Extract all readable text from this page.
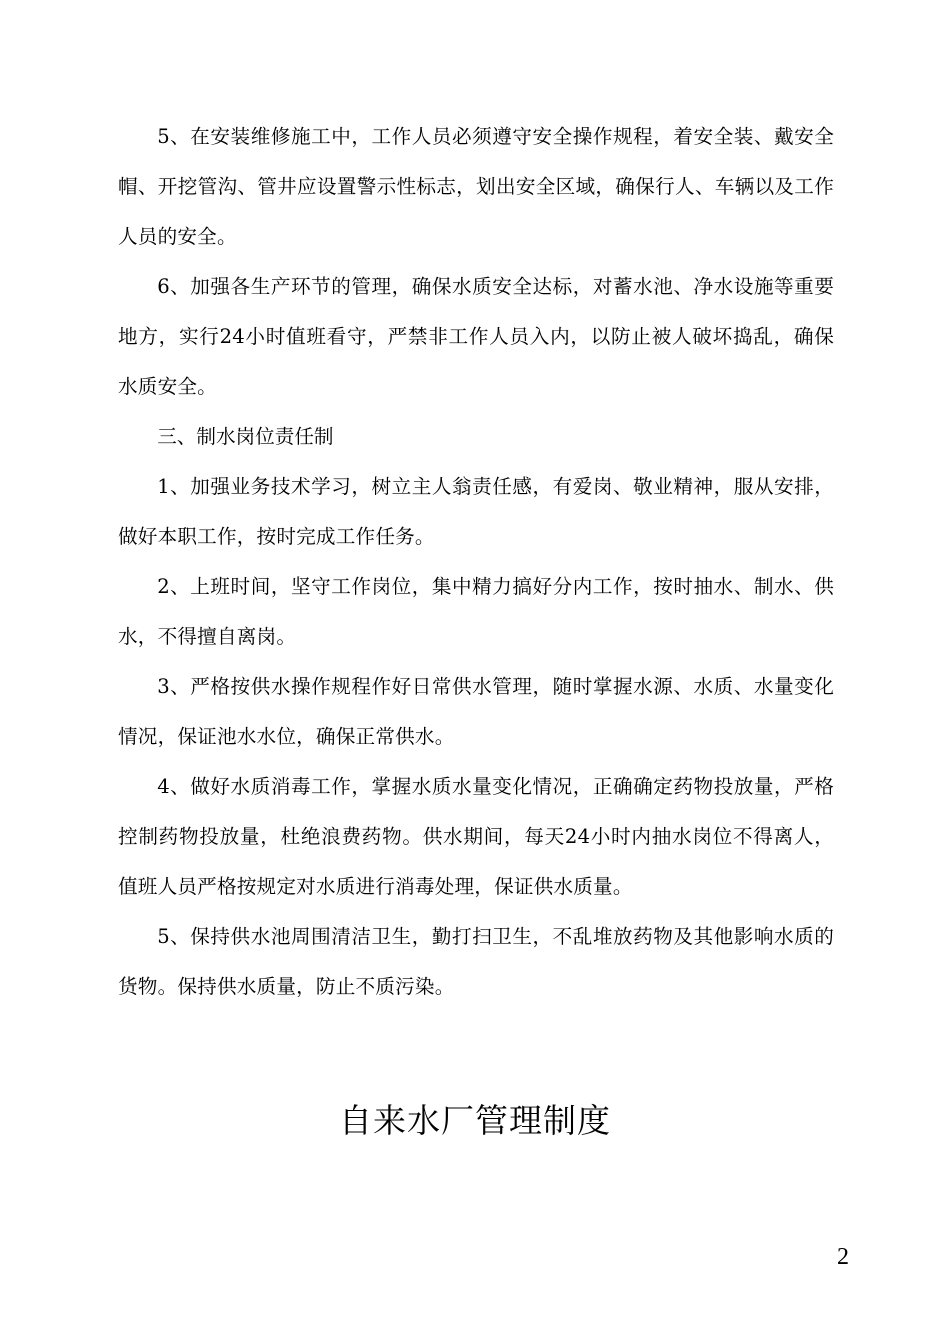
5、在安装维修施工中，工作人员必须遵守安全操作规程，着安全装、戴安全帽、开挖管沟、管井应设置警示性标志，划出安全区域，确保行人、车辆以及工作人员的安全。

6、加强各生产环节的管理，确保水质安全达标，对蓄水池、净水设施等重要地方，实行24小时值班看守，严禁非工作人员入内，以防止被人破坏捣乱，确保水质安全。

三、制水岗位责任制

1、加强业务技术学习，树立主人翁责任感，有爱岗、敬业精神，服从安排，做好本职工作，按时完成工作任务。

2、上班时间，坚守工作岗位，集中精力搞好分内工作，按时抽水、制水、供水，不得擅自离岗。

3、严格按供水操作规程作好日常供水管理，随时掌握水源、水质、水量变化情况，保证池水水位，确保正常供水。

4、做好水质消毒工作，掌握水质水量变化情况，正确确定药物投放量，严格控制药物投放量，杜绝浪费药物。供水期间，每天24小时内抽水岗位不得离人，值班人员严格按规定对水质进行消毒处理，保证供水质量。

5、保持供水池周围清洁卫生，勤打扫卫生，不乱堆放药物及其他影响水质的货物。保持供水质量，防止不质污染。

自来水厂管理制度
2
